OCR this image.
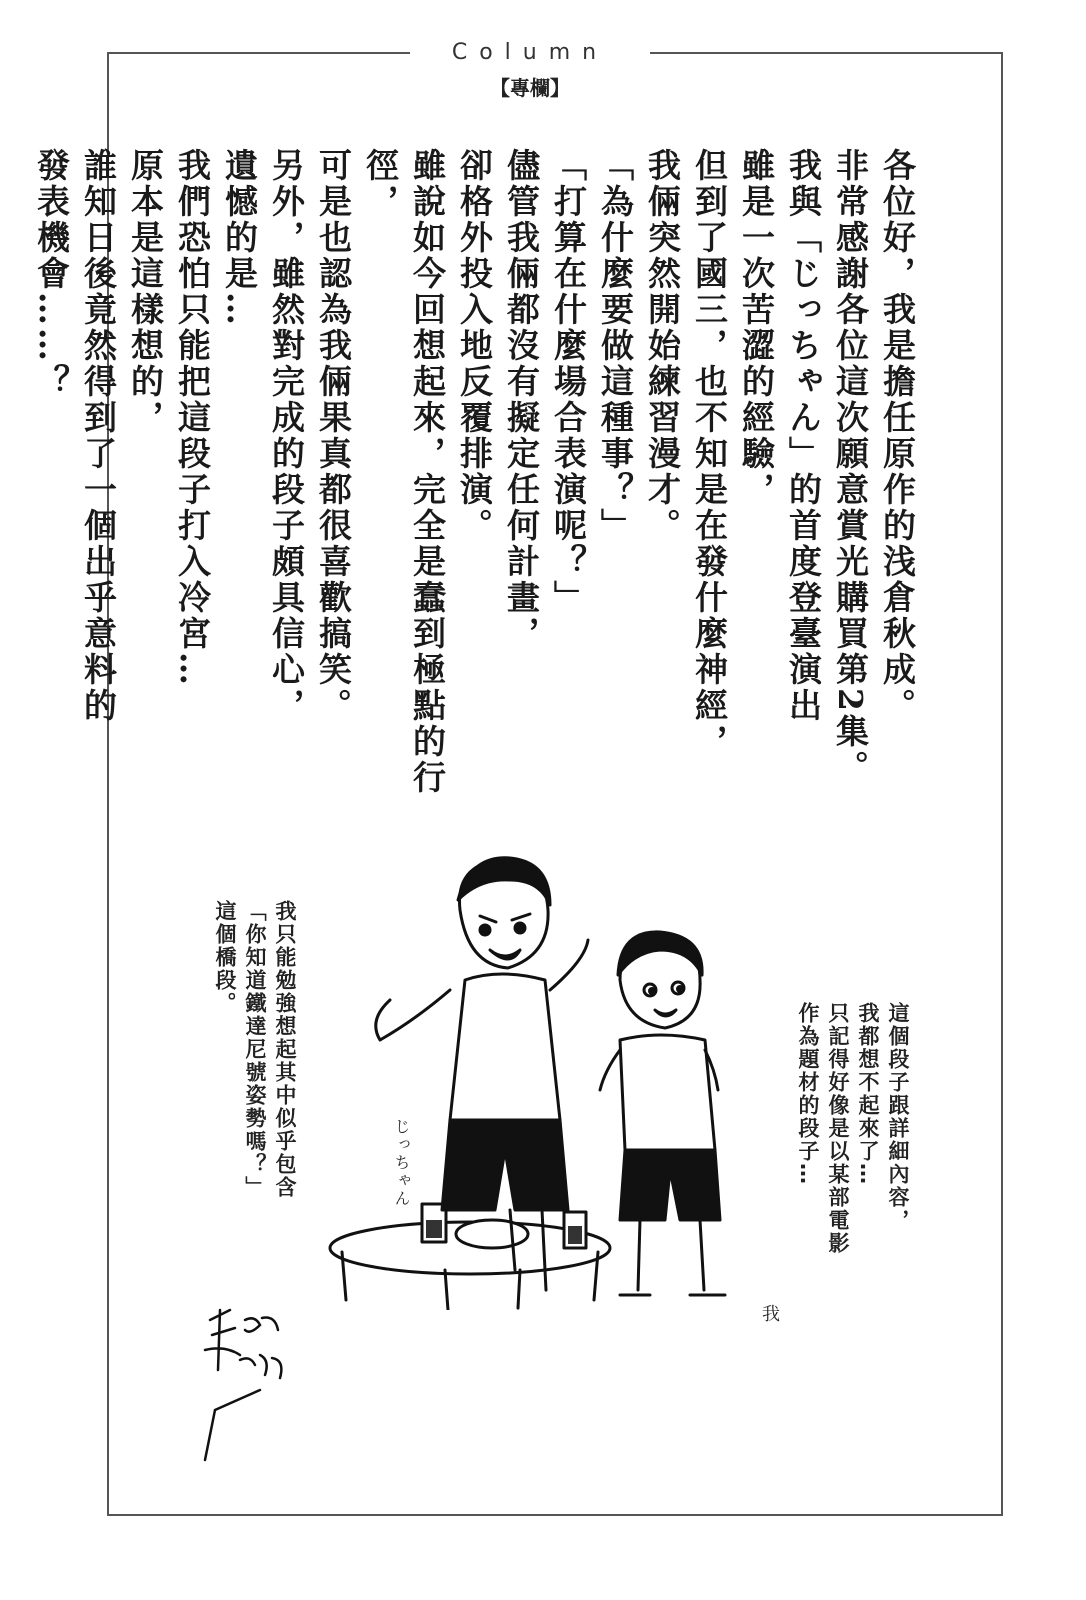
Column
【專欄】

各位好，我是擔任原作的浅倉秋成。

非常感謝各位這次願意賞光購買第2集。

我與「じっちゃん」的首度登臺演出

雖是一次苦澀的經驗，

但到了國三，也不知是在發什麼神經，

我倆突然開始練習漫才。

「為什麼要做這種事？」

「打算在什麼場合表演呢？」

儘管我倆都沒有擬定任何計畫，

卻格外投入地反覆排演。

雖說如今回想起來，完全是蠢到極點的行徑，

可是也認為我倆果真都很喜歡搞笑。

另外，雖然對完成的段子頗具信心，

遺憾的是…

我們恐怕只能把這段子打入冷宮…

原本是這樣想的，

誰知日後竟然得到了一個出乎意料的

發表機會……？

じっちゃん
我

我只能勉強想起其中似乎包含

「你知道鐵達尼號姿勢嗎？」

這個橋段。

這個段子跟詳細內容，

我都想不起來了…

只記得好像是以某部電影

作為題材的段子…
